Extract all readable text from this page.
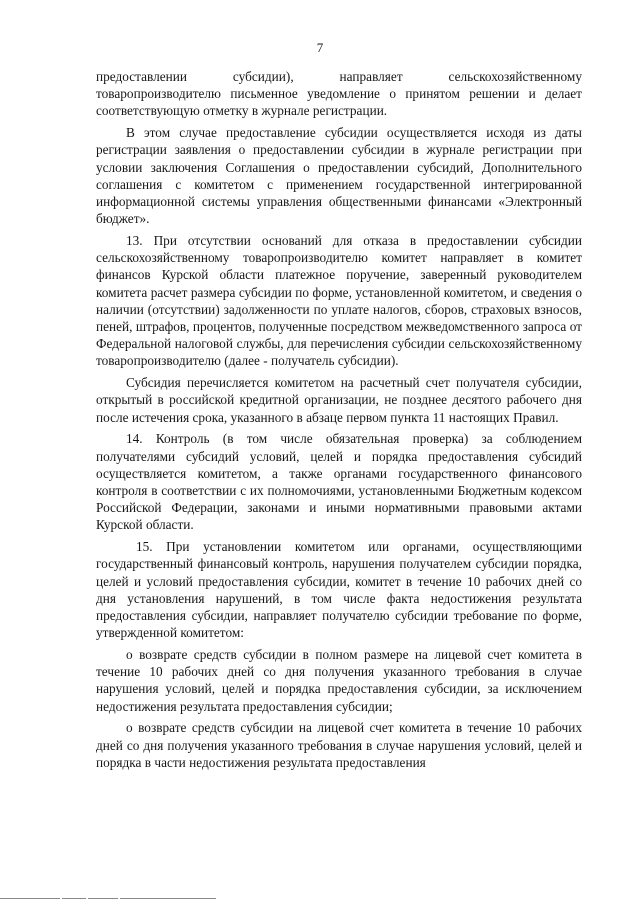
7

предоставлении субсидии), направляет сельскохозяйственному товаропроизводителю письменное уведомление о принятом решении и делает соответствующую отметку в журнале регистрации.

В этом случае предоставление субсидии осуществляется исходя из даты регистрации заявления о предоставлении субсидии в журнале регистрации при условии заключения Соглашения о предоставлении субсидий, Дополнительного соглашения с комитетом с применением государственной интегрированной информационной системы управления общественными финансами «Электронный бюджет».

13. При отсутствии оснований для отказа в предоставлении субсидии сельскохозяйственному товаропроизводителю комитет направляет в комитет финансов Курской области платежное поручение, заверенный руководителем комитета расчет размера субсидии по форме, установленной комитетом, и сведения о наличии (отсутствии) задолженности по уплате налогов, сборов, страховых взносов, пеней, штрафов, процентов, полученные посредством межведомственного запроса от Федеральной налоговой службы, для перечисления субсидии сельскохозяйственному товаропроизводителю (далее - получатель субсидии).

Субсидия перечисляется комитетом на расчетный счет получателя субсидии, открытый в российской кредитной организации, не позднее десятого рабочего дня после истечения срока, указанного в абзаце первом пункта 11 настоящих Правил.

14. Контроль (в том числе обязательная проверка) за соблюдением получателями субсидий условий, целей и порядка предоставления субсидий осуществляется комитетом, а также органами государственного финансового контроля в соответствии с их полномочиями, установленными Бюджетным кодексом Российской Федерации, законами и иными нормативными правовыми актами Курской области.

15. При установлении комитетом или органами, осуществляющими государственный финансовый контроль, нарушения получателем субсидии порядка, целей и условий предоставления субсидии, комитет в течение 10 рабочих дней со дня установления нарушений, в том числе факта недостижения результата предоставления субсидии, направляет получателю субсидии требование по форме, утвержденной комитетом:

о возврате средств субсидии в полном размере на лицевой счет комитета в течение 10 рабочих дней со дня получения указанного требования в случае нарушения условий, целей и порядка предоставления субсидии, за исключением недостижения результата предоставления субсидии;

о возврате средств субсидии на лицевой счет комитета в течение 10 рабочих дней со дня получения указанного требования в случае нарушения условий, целей и порядка в части недостижения результата предоставления
